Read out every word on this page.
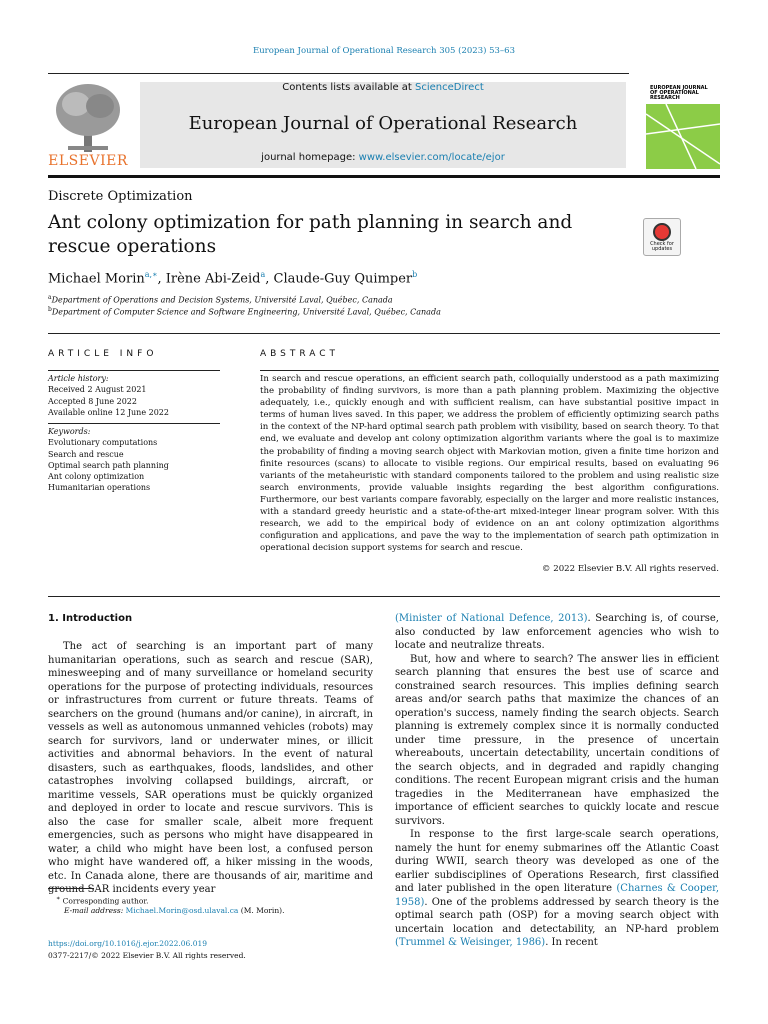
European Journal of Operational Research 305 (2023) 53–63
ELSEVIER
Contents lists available at ScienceDirect
European Journal of Operational Research
journal homepage: www.elsevier.com/locate/ejor
EUROPEAN JOURNAL OF OPERATIONAL RESEARCH
Discrete Optimization
Ant colony optimization for path planning in search and rescue operations	Check for updates
Michael Morin$^{a,∗}$, Irène Abi-Zeid$^a$, Claude-Guy Quimper$^b$
$^a$Department of Operations and Decision Systems, Université Laval, Québec, Canada
$^b$Department of Computer Science and Software Engineering, Université Laval, Québec, Canada
ARTICLE INFO
Article history:
Received 2 August 2021
Accepted 8 June 2022
Available online 12 June 2022
Keywords:
Evolutionary computations
Search and rescue
Optimal search path planning
Ant colony optimization
Humanitarian operations
ABSTRACT
In search and rescue operations, an efficient search path, colloquially understood as a path maximizing the probability of finding survivors, is more than a path planning problem. Maximizing the objective adequately, i.e., quickly enough and with sufficient realism, can have substantial positive impact in terms of human lives saved. In this paper, we address the problem of efficiently optimizing search paths in the context of the NP-hard optimal search path problem with visibility, based on search theory. To that end, we evaluate and develop ant colony optimization algorithm variants where the goal is to maximize the probability of finding a moving search object with Markovian motion, given a finite time horizon and finite resources (scans) to allocate to visible regions. Our empirical results, based on evaluating 96 variants of the metaheuristic with standard components tailored to the problem and using realistic size search environments, provide valuable insights regarding the best algorithm configurations. Furthermore, our best variants compare favorably, especially on the larger and more realistic instances, with a standard greedy heuristic and a state-of-the-art mixed-integer linear program solver. With this research, we add to the empirical body of evidence on an ant colony optimization algorithms configuration and applications, and pave the way to the implementation of search path optimization in operational decision support systems for search and rescue.
© 2022 Elsevier B.V. All rights reserved.
1. Introduction

The act of searching is an important part of many humanitarian operations, such as search and rescue (SAR), minesweeping and of many surveillance or homeland security operations for the purpose of protecting individuals, resources or infrastructures from current or future threats. Teams of searchers on the ground (humans and/or canine), in aircraft, in vessels as well as autonomous unmanned vehicles (robots) may search for survivors, land or underwater mines, or illicit activities and abnormal behaviors. In the event of natural disasters, such as earthquakes, floods, landslides, and other catastrophes involving collapsed buildings, aircraft, or maritime vessels, SAR operations must be quickly organized and deployed in order to locate and rescue survivors. This is also the case for smaller scale, albeit more frequent emergencies, such as persons who might have disappeared in water, a child who might have been lost, a confused person who might have wandered off, a hiker missing in the woods, etc. In Canada alone, there are thousands of air, maritime and ground SAR incidents every year

(Minister of National Defence, 2013). Searching is, of course, also conducted by law enforcement agencies who wish to locate and neutralize threats.

But, how and where to search? The answer lies in efficient search planning that ensures the best use of scarce and constrained search resources. This implies defining search areas and/or search paths that maximize the chances of an operation's success, namely finding the search objects. Search planning is extremely complex since it is normally conducted under time pressure, in the presence of uncertain whereabouts, uncertain detectability, uncertain conditions of the search objects, and in degraded and rapidly changing conditions. The recent European migrant crisis and the human tragedies in the Mediterranean have emphasized the importance of efficient searches to quickly locate and rescue survivors.

In response to the first large-scale search operations, namely the hunt for enemy submarines off the Atlantic Coast during WWII, search theory was developed as one of the earlier subdisciplines of Operations Research, first classified and later published in the open literature (Charnes & Cooper, 1958). One of the problems addressed by search theory is the optimal search path (OSP) for a moving search object with uncertain location and detectability, an NP-hard problem (Trummel & Weisinger, 1986). In recent

∗ Corresponding author.
E-mail address: Michael.Morin@osd.ulaval.ca (M. Morin).
https://doi.org/10.1016/j.ejor.2022.06.019
0377-2217/© 2022 Elsevier B.V. All rights reserved.
